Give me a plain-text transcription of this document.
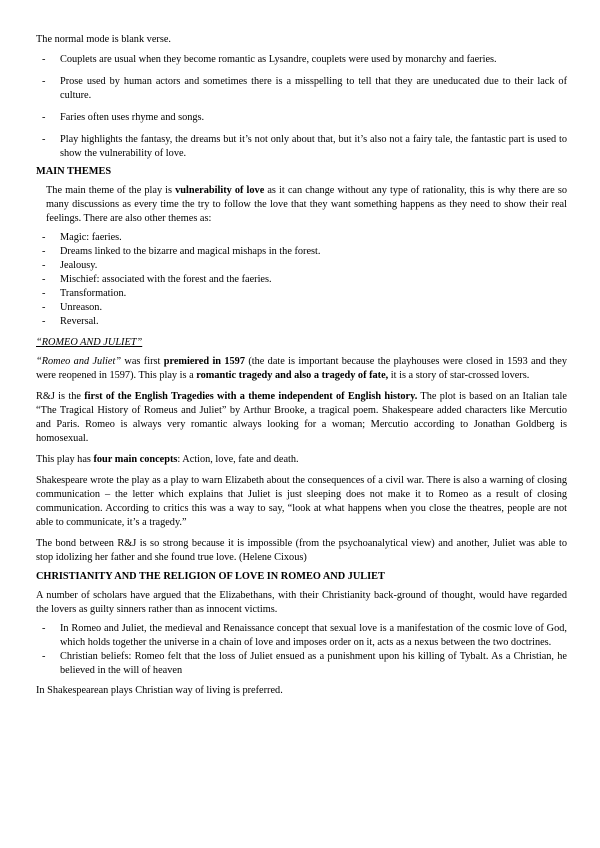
The normal mode is blank verse.

- Couplets are usual when they become romantic as Lysandre, couplets were used by monarchy and faeries.
- Prose used by human actors and sometimes there is a misspelling to tell that they are uneducated due to their lack of culture.
- Faries often uses rhyme and songs.
- Play highlights the fantasy, the dreams but it’s not only about that, but it’s also not a fairy tale, the fantastic part is used to show the vulnerability of love.

MAIN THEMES

The main theme of the play is vulnerability of love as it can change without any type of rationality, this is why there are so many discussions as every time the try to follow the love that they want something happens as they need to show their real feelings. There are also other themes as:

- Magic: faeries.
- Dreams linked to the bizarre and magical mishaps in the forest.
- Jealousy.
- Mischief: associated with the forest and the faeries.
- Transformation.
- Unreason.
- Reversal.

“ROMEO AND JULIET”

“Romeo and Juliet” was first premiered in 1597 (the date is important because the playhouses were closed in 1593 and they were reopened in 1597). This play is a romantic tragedy and also a tragedy of fate, it is a story of star-crossed lovers.

R&J is the first of the English Tragedies with a theme independent of English history. The plot is based on an Italian tale “The Tragical History of Romeus and Juliet” by Arthur Brooke, a tragical poem. Shakespeare added characters like Mercutio and Paris. Romeo is always very romantic always looking for a woman; Mercutio according to Jonathan Goldberg is homosexual.

This play has four main concepts: Action, love, fate and death.

Shakespeare wrote the play as a play to warn Elizabeth about the consequences of a civil war. There is also a warning of closing communication – the letter which explains that Juliet is just sleeping does not make it to Romeo as a result of closing communication. According to critics this was a way to say, “look at what happens when you close the theatres, people are not able to communicate, it’s a tragedy.”

The bond between R&J is so strong because it is impossible (from the psychoanalytical view) and another, Juliet was able to stop idolizing her father and she found true love. (Helene Cixous)

CHRISTIANITY AND THE RELIGION OF LOVE IN ROMEO AND JULIET

A number of scholars have argued that the Elizabethans, with their Christianity back-ground of thought, would have regarded the lovers as guilty sinners rather than as innocent victims.

- In Romeo and Juliet, the medieval and Renaissance concept that sexual love is a manifestation of the cosmic love of God, which holds together the universe in a chain of love and imposes order on it, acts as a nexus between the two doctrines.
- Christian beliefs: Romeo felt that the loss of Juliet ensued as a punishment upon his killing of Tybalt. As a Christian, he believed in the will of heaven

In Shakespearean plays Christian way of living is preferred.
